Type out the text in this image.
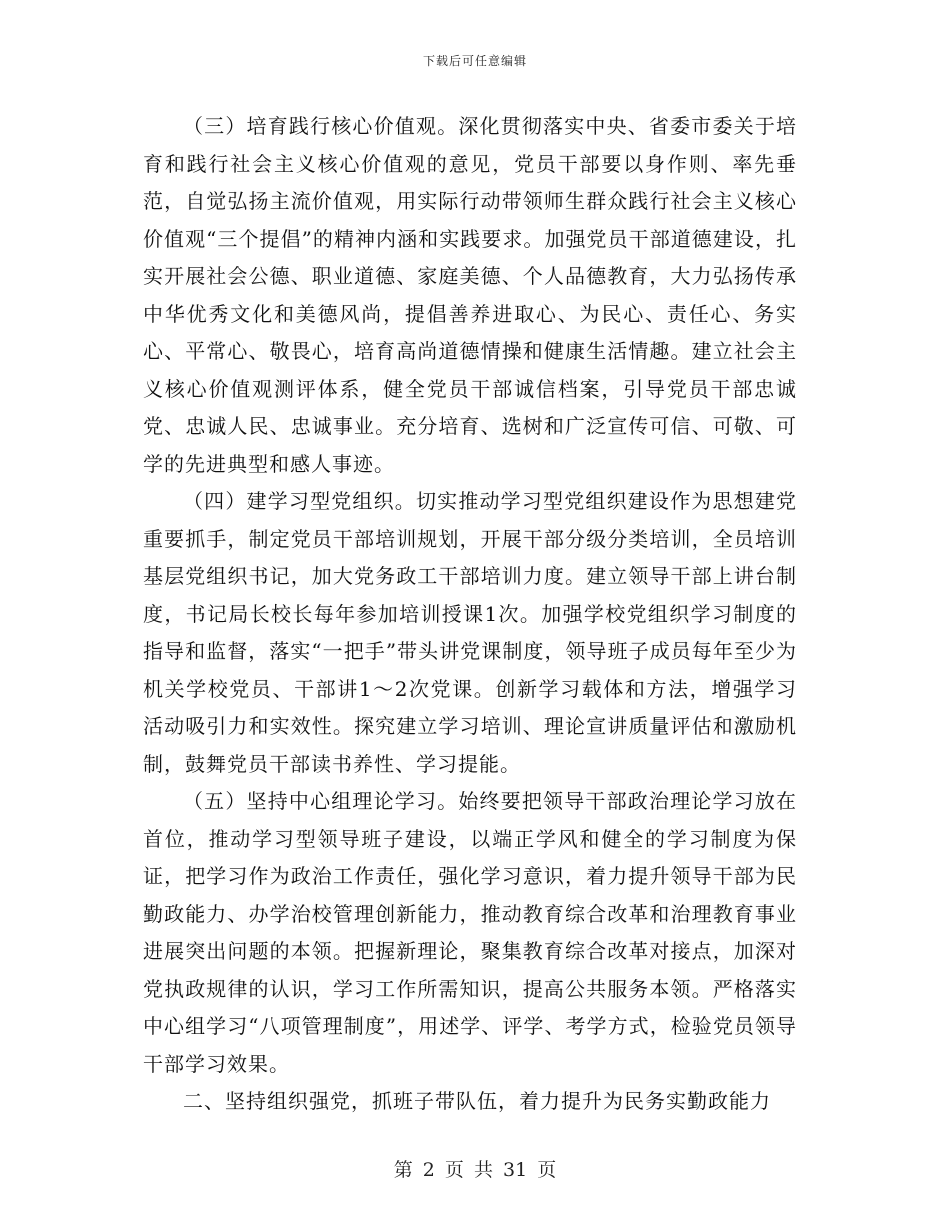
下载后可任意编辑

（三）培育践行核心价值观。深化贯彻落实中央、省委市委关于培育和践行社会主义核心价值观的意见，党员干部要以身作则、率先垂范，自觉弘扬主流价值观，用实际行动带领师生群众践行社会主义核心价值观“三个提倡”的精神内涵和实践要求。加强党员干部道德建设，扎实开展社会公德、职业道德、家庭美德、个人品德教育，大力弘扬传承中华优秀文化和美德风尚，提倡善养进取心、为民心、责任心、务实心、平常心、敬畏心，培育高尚道德情操和健康生活情趣。建立社会主义核心价值观测评体系，健全党员干部诚信档案，引导党员干部忠诚党、忠诚人民、忠诚事业。充分培育、选树和广泛宣传可信、可敬、可学的先进典型和感人事迹。

（四）建学习型党组织。切实推动学习型党组织建设作为思想建党重要抓手，制定党员干部培训规划，开展干部分级分类培训，全员培训基层党组织书记，加大党务政工干部培训力度。建立领导干部上讲台制度，书记局长校长每年参加培训授课1次。加强学校党组织学习制度的指导和监督，落实“一把手”带头讲党课制度，领导班子成员每年至少为机关学校党员、干部讲1～2次党课。创新学习载体和方法，增强学习活动吸引力和实效性。探究建立学习培训、理论宣讲质量评估和激励机制，鼓舞党员干部读书养性、学习提能。

（五）坚持中心组理论学习。始终要把领导干部政治理论学习放在首位，推动学习型领导班子建设，以端正学风和健全的学习制度为保证，把学习作为政治工作责任，强化学习意识，着力提升领导干部为民勤政能力、办学治校管理创新能力，推动教育综合改革和治理教育事业进展突出问题的本领。把握新理论，聚集教育综合改革对接点，加深对党执政规律的认识，学习工作所需知识，提高公共服务本领。严格落实中心组学习“八项管理制度”，用述学、评学、考学方式，检验党员领导干部学习效果。

二、坚持组织强党，抓班子带队伍，着力提升为民务实勤政能力

第 2 页 共 31 页
